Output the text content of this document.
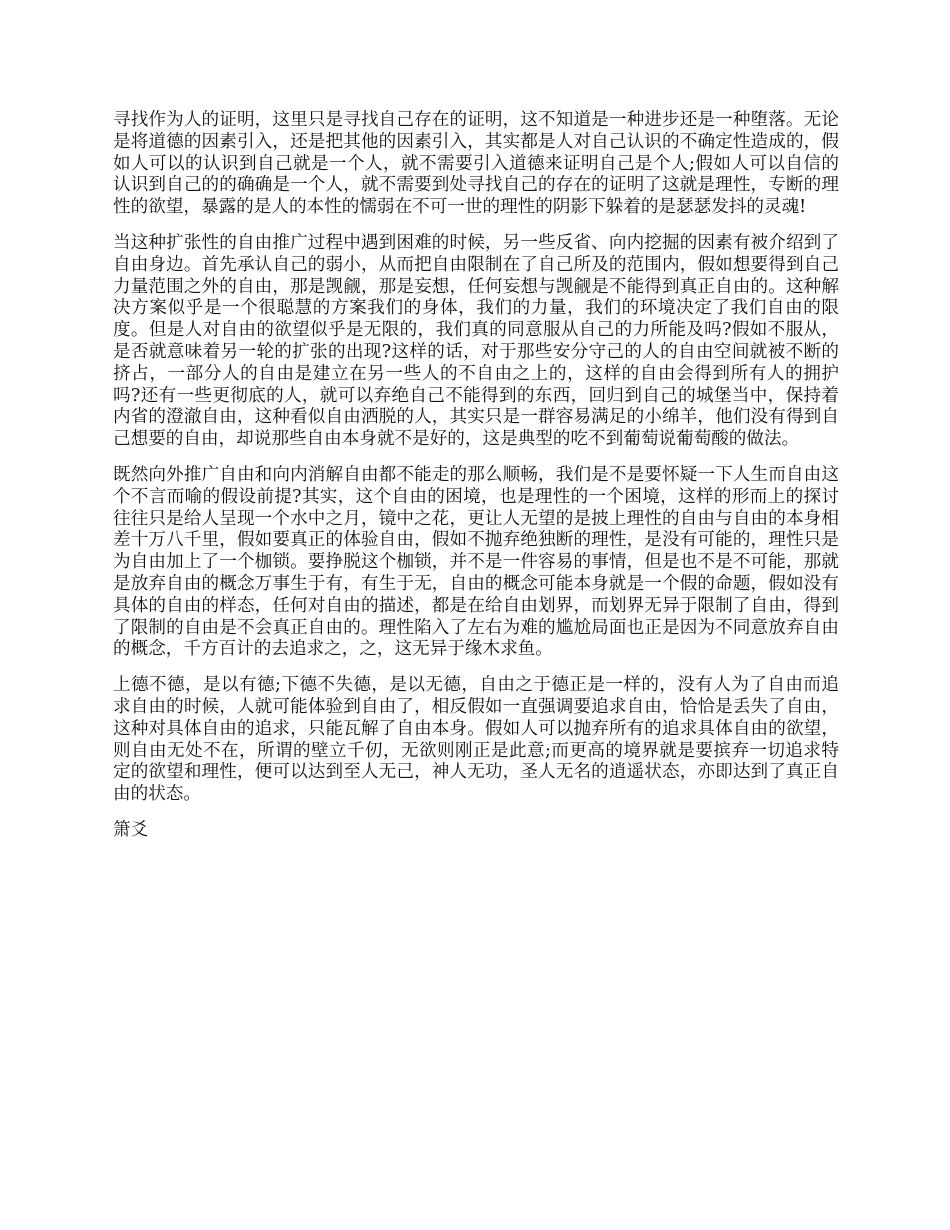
寻找作为人的证明，这里只是寻找自己存在的证明，这不知道是一种进步还是一种堕落。无论是将道德的因素引入，还是把其他的因素引入，其实都是人对自己认识的不确定性造成的，假如人可以的认识到自己就是一个人，就不需要引入道德来证明自己是个人;假如人可以自信的认识到自己的的确确是一个人，就不需要到处寻找自己的存在的证明了这就是理性，专断的理性的欲望，暴露的是人的本性的懦弱在不可一世的理性的阴影下躲着的是瑟瑟发抖的灵魂!

当这种扩张性的自由推广过程中遇到困难的时候，另一些反省、向内挖掘的因素有被介绍到了自由身边。首先承认自己的弱小，从而把自由限制在了自己所及的范围内，假如想要得到自己力量范围之外的自由，那是觊觎，那是妄想，任何妄想与觊觎是不能得到真正自由的。这种解决方案似乎是一个很聪慧的方案我们的身体，我们的力量，我们的环境决定了我们自由的限度。但是人对自由的欲望似乎是无限的，我们真的同意服从自己的力所能及吗?假如不服从，是否就意味着另一轮的扩张的出现?这样的话，对于那些安分守己的人的自由空间就被不断的挤占，一部分人的自由是建立在另一些人的不自由之上的，这样的自由会得到所有人的拥护吗?还有一些更彻底的人，就可以弃绝自己不能得到的东西，回归到自己的城堡当中，保持着内省的澄澈自由，这种看似自由洒脱的人，其实只是一群容易满足的小绵羊，他们没有得到自己想要的自由，却说那些自由本身就不是好的，这是典型的吃不到葡萄说葡萄酸的做法。

既然向外推广自由和向内消解自由都不能走的那么顺畅，我们是不是要怀疑一下人生而自由这个不言而喻的假设前提?其实，这个自由的困境，也是理性的一个困境，这样的形而上的探讨往往只是给人呈现一个水中之月，镜中之花，更让人无望的是披上理性的自由与自由的本身相差十万八千里，假如要真正的体验自由，假如不抛弃绝独断的理性，是没有可能的，理性只是为自由加上了一个枷锁。要挣脱这个枷锁，并不是一件容易的事情，但是也不是不可能，那就是放弃自由的概念万事生于有，有生于无，自由的概念可能本身就是一个假的命题，假如没有具体的自由的样态，任何对自由的描述，都是在给自由划界，而划界无异于限制了自由，得到了限制的自由是不会真正自由的。理性陷入了左右为难的尴尬局面也正是因为不同意放弃自由的概念，千方百计的去追求之，之，这无异于缘木求鱼。

上德不德，是以有德;下德不失德，是以无德，自由之于德正是一样的，没有人为了自由而追求自由的时候，人就可能体验到自由了，相反假如一直强调要追求自由，恰恰是丢失了自由，这种对具体自由的追求，只能瓦解了自由本身。假如人可以抛弃所有的追求具体自由的欲望，则自由无处不在，所谓的壁立千仞，无欲则刚正是此意;而更高的境界就是要摈弃一切追求特定的欲望和理性，便可以达到至人无己，神人无功，圣人无名的逍遥状态，亦即达到了真正自由的状态。

箫爻
